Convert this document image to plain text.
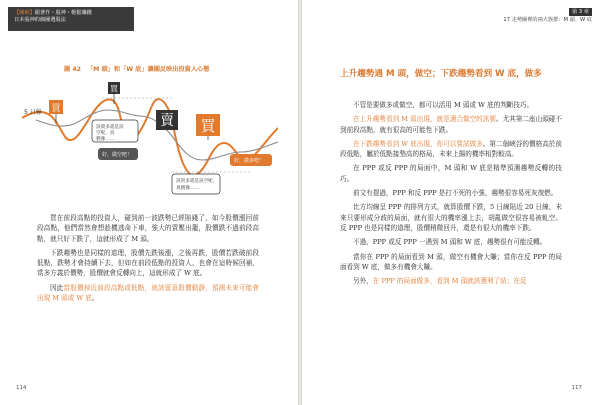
【圖解】跟著作・股神・輕鬆賺錢
日本股神的線圖選股法
圖 42 「M 頭」和「W 底」讓圖反映出投資人心態
5 日線 買
買
買
賣
該賣多還是該
空呢，真
猶豫……
好，做空吧！
該買多還是該空呢，
真猶豫……
好，做多吧！

買在前段高點的投資人，碰到前一波跌勢已經賠錢了，如今股價漲回前段高點，他們當然會想趁機逃命下車，強大的賣壓出籠，股價跌不過前段高點，就只好下跌了，這就形成了 M 頭。

下跌趨勢也是同樣的道理，股價先跌後漲，之後再跌，股價若跌破前段低點，跌勢才會持續下去，但如在前段低點的投資人，也會在這時候回補，當多方義於價勢，股價就會反轉向上，這就形成了 W 底。

因此當股價掉近前段高點或低點，就該留意股價動靜，預測未來可能會出現 M 頭或 W 底。

114
第 3 章
17 走勢圖裡的兩大族群：M 頭、W 底
上升趨勢遇 M 頭，做空；下跌趨勢看到 W 底，做多

不管是要做多或做空，都可以活用 M 頭或 W 底的判斷技巧。

在上升趨勢看到 M 頭出現，就是適合做空的訊號。尤其第二座山頭碰不到前段高點，就有很高的可能性下跌。

在下跌趨勢看到 W 底出現，你可以嘗試做多。第二個峽谷的價格高於前段低點，屬於低點接墊高的格局，未來上揚的機率相對較高。

在 PPP 或反 PPP 的局面中，M 頭和 W 底是精準預測趨勢反轉的技巧。

前文有提過，PPP 和反 PPP 是打不死的小強，趨勢很容易死灰復燃。

比方均線呈 PPP 的排列方式，就算股價下跌，5 日線貼近 20 日線，未來只要形成分歧的局面，就有很大的機率漲上去，胡亂做空很容易被軋空。反 PPP 也是同樣的道理，股價稍微回升，還是有很大的機率下跌。

不過，PPP 或反 PPP 一遇到 M 頭和 W 底，趨勢很有可能反轉。

當你在 PPP 的局面看到 M 頭，做空有機會大賺；當你在反 PPP 的局面看到 W 底，做多有機會大賺。

另外，在 PPP 的局面做多，看到 M 頭就該獲利了結；在反

117
